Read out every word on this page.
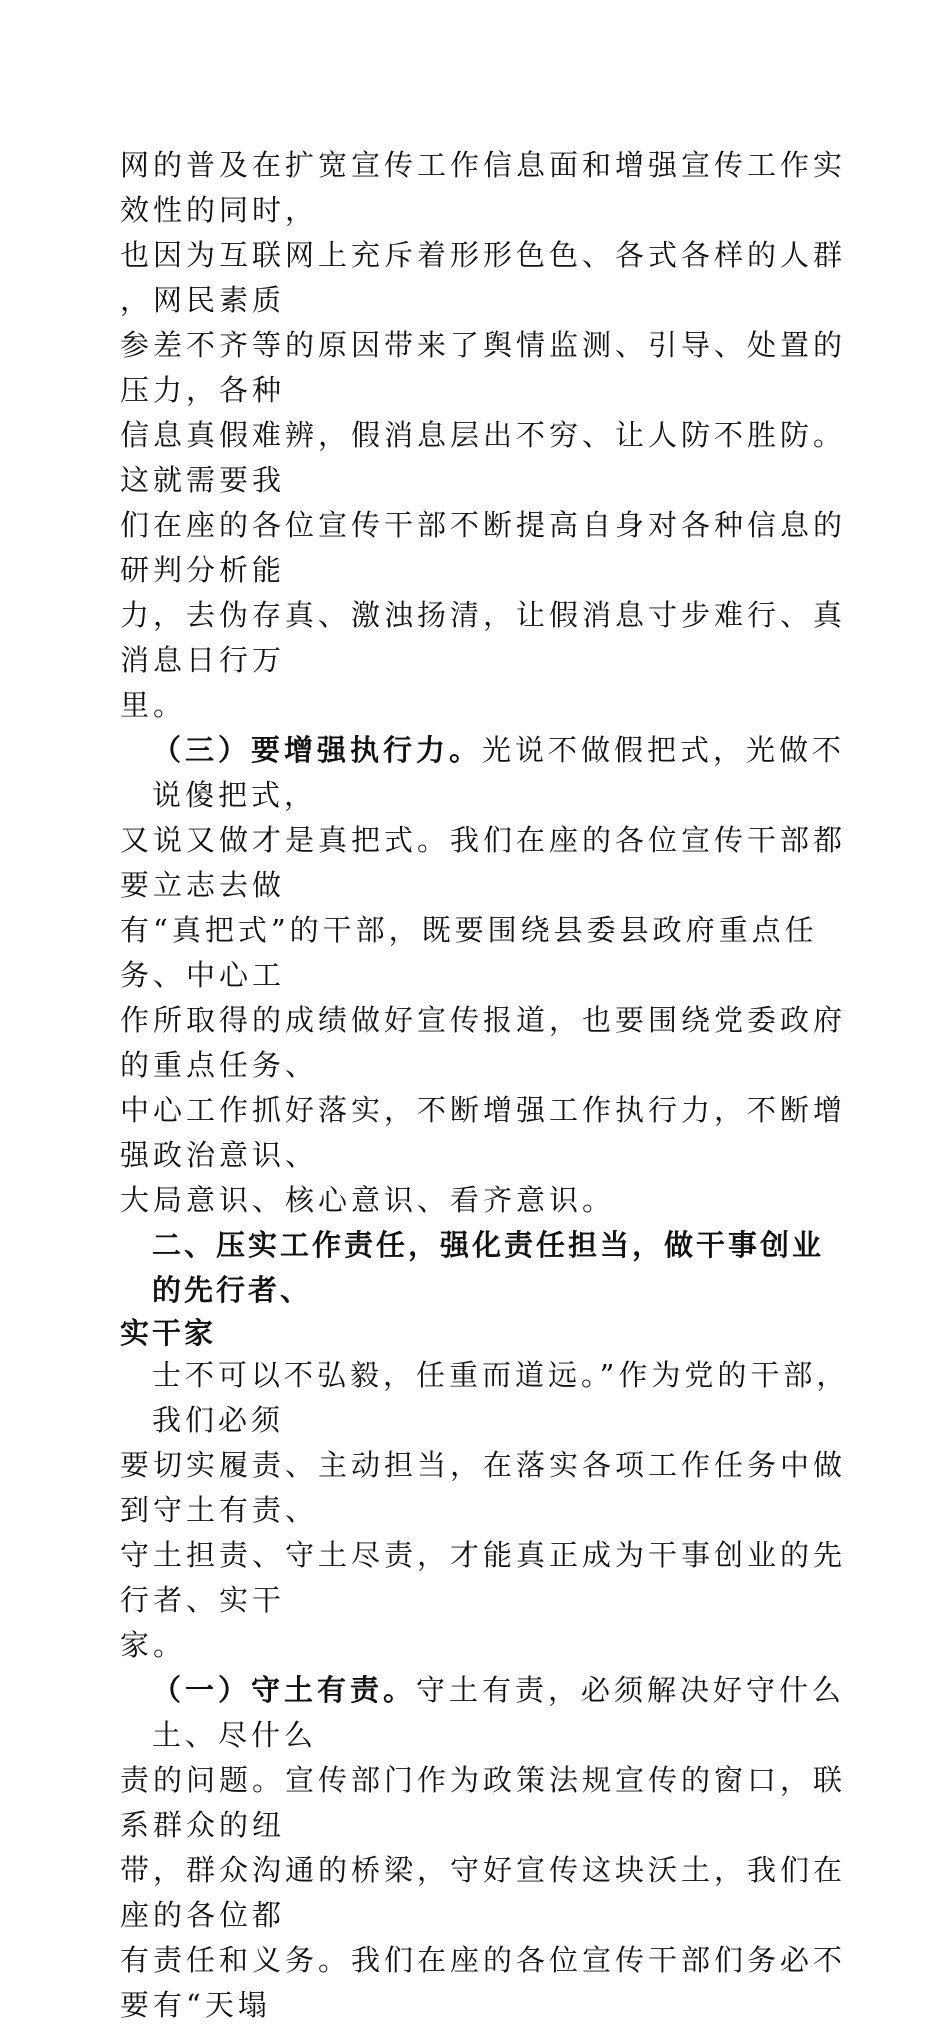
网的普及在扩宽宣传工作信息面和增强宣传工作实效性的同时，
也因为互联网上充斥着形形色色、各式各样的人群，网民素质
参差不齐等的原因带来了舆情监测、引导、处置的压力，各种
信息真假难辨，假消息层出不穷、让人防不胜防。这就需要我
们在座的各位宣传干部不断提高自身对各种信息的研判分析能
力，去伪存真、激浊扬清，让假消息寸步难行、真消息日行万
里。
（三）要增强执行力。光说不做假把式，光做不说傻把式，
又说又做才是真把式。我们在座的各位宣传干部都要立志去做
有“真把式”的干部，既要围绕县委县政府重点任务、中心工
作所取得的成绩做好宣传报道，也要围绕党委政府的重点任务、
中心工作抓好落实，不断增强工作执行力，不断增强政治意识、
大局意识、核心意识、看齐意识。
二、压实工作责任，强化责任担当，做干事创业的先行者、
实干家
士不可以不弘毅，任重而道远。”作为党的干部，我们必须
要切实履责、主动担当，在落实各项工作任务中做到守土有责、
守土担责、守土尽责，才能真正成为干事创业的先行者、实干
家。
（一）守土有责。守土有责，必须解决好守什么土、尽什么
责的问题。宣传部门作为政策法规宣传的窗口，联系群众的纽
带，群众沟通的桥梁，守好宣传这块沃土，我们在座的各位都
有责任和义务。我们在座的各位宣传干部们务必不要有“天塌
